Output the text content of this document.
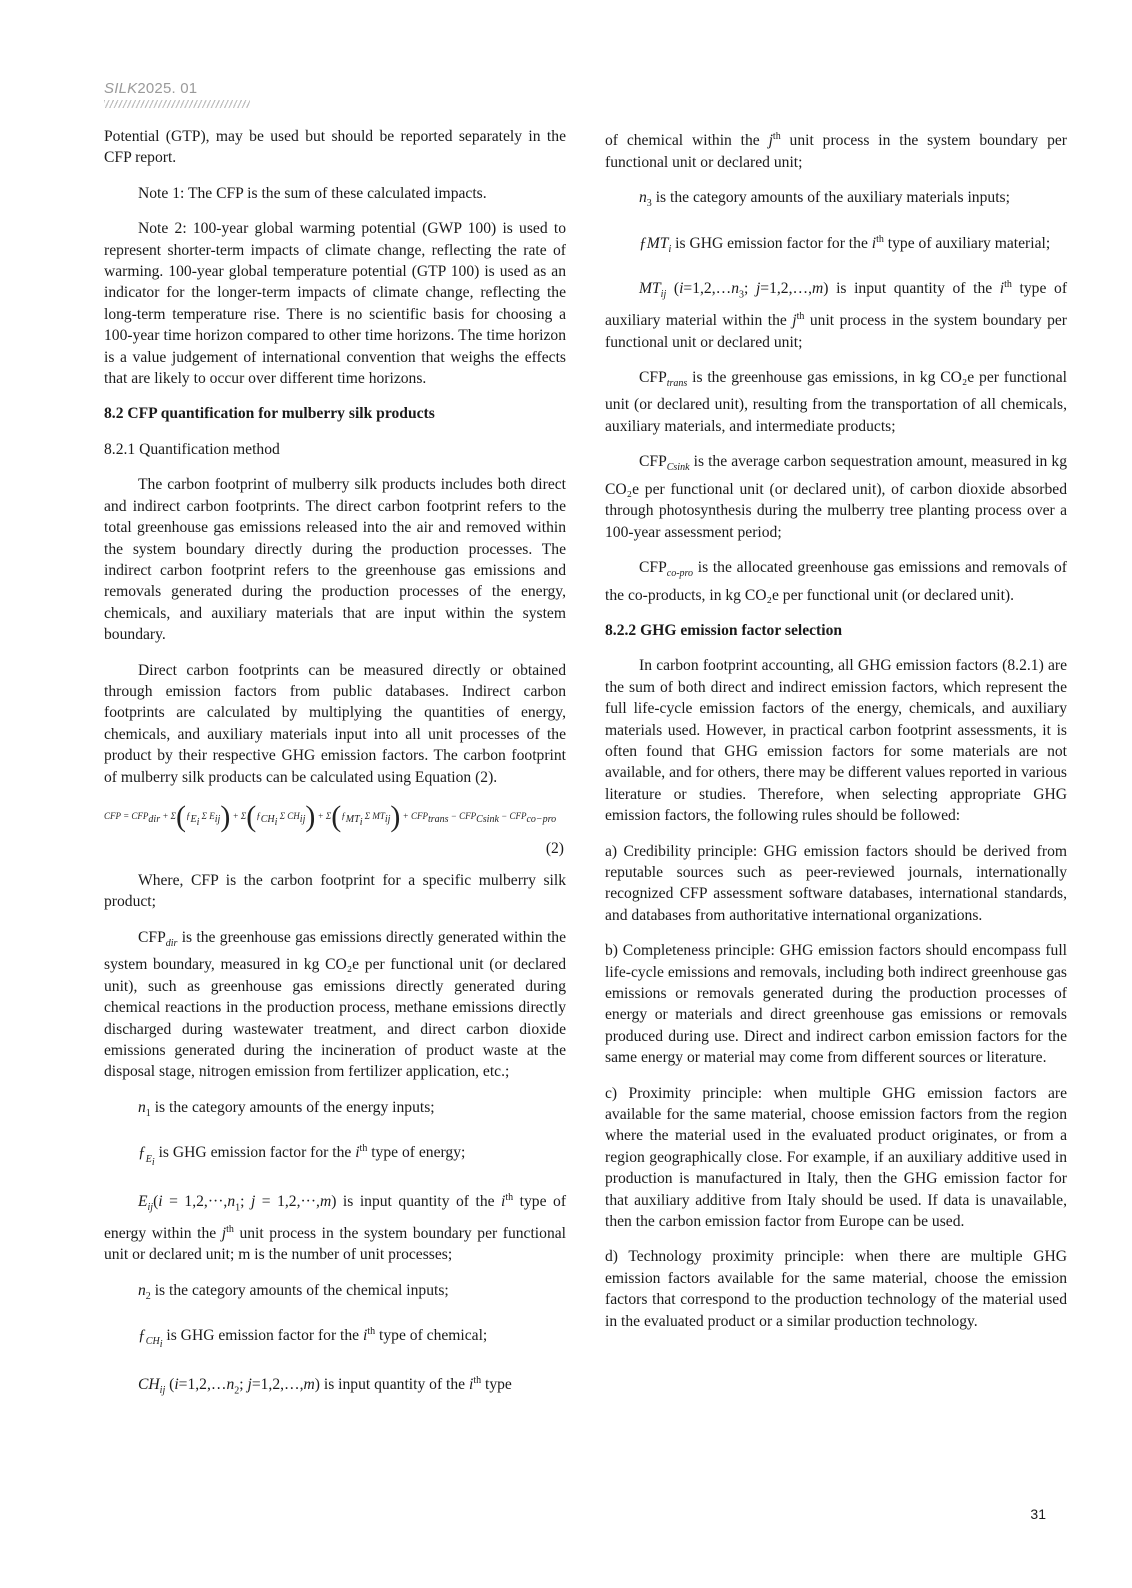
SILK2025. 01

Potential (GTP), may be used but should be reported separately in the CFP report.

Note 1: The CFP is the sum of these calculated impacts.

Note 2: 100-year global warming potential (GWP 100) is used to represent shorter-term impacts of climate change, reflecting the rate of warming. 100-year global temperature potential (GTP 100) is used as an indicator for the longer-term impacts of climate change, reflecting the long-term temperature rise. There is no scientific basis for choosing a 100-year time horizon compared to other time horizons. The time horizon is a value judgement of international convention that weighs the effects that are likely to occur over different time horizons.

8.2 CFP quantification for mulberry silk products
8.2.1 Quantification method

The carbon footprint of mulberry silk products includes both direct and indirect carbon footprints. The direct carbon footprint refers to the total greenhouse gas emissions released into the air and removed within the system boundary directly during the production processes. The indirect carbon footprint refers to the greenhouse gas emissions and removals generated during the production processes of the energy, chemicals, and auxiliary materials that are input within the system boundary.

Direct carbon footprints can be measured directly or obtained through emission factors from public databases. Indirect carbon footprints are calculated by multiplying the quantities of energy, chemicals, and auxiliary materials input into all unit processes of the product by their respective GHG emission factors. The carbon footprint of mulberry silk products can be calculated using Equation (2).

CFP = $CFP_{dir}$ + $\Sigma(ƒ_{E_i}$ Σ $E_{ij}$) + $\Sigma(ƒ_{CH_i}$ Σ $CH_{ij}$) + $\Sigma(ƒ_{MT_i}$ Σ $MT_{ij}) + CFP_{trans} - CFP_{Csink} - CFP_{co-pro}$
(2)

Where, CFP is the carbon footprint for a specific mulberry silk product;

$CFP_{dir}$ is the greenhouse gas emissions directly generated within the system boundary, measured in kg CO₂e per functional unit (or declared unit), such as greenhouse gas emissions directly generated during chemical reactions in the production process, methane emissions directly discharged during wastewater treatment, and direct carbon dioxide emissions generated during the incineration of product waste at the disposal stage, nitrogen emission from fertilizer application, etc.;

$n_1$ is the category amounts of the energy inputs;

$ƒ_{E_i}$ is GHG emission factor for the $i^{th}$ type of energy;

$E_{ij}(i = 1,2,\cdot\cdot\cdot,n_1$; j = 1,2,···,m) is input quantity of the $i^{th}$ type of energy within the $j^{th}$ unit process in the system boundary per functional unit or declared unit; m is the number of unit processes;

$n_2$ is the category amounts of the chemical inputs;

$ƒ_{CH_i}$ is GHG emission factor for the $i^{th}$ type of chemical;

$CH_{ij}$ ($i=1,2,\dots n_2$; j=1,2,…,m) is input quantity of the $i^{th}$ type

of chemical within the $j^{th}$ unit process in the system boundary per functional unit or declared unit;

$n_3$ is the category amounts of the auxiliary materials inputs;

ƒMT$_i$ is GHG emission factor for the $i^{th}$ type of auxiliary material;

$MT_{ij}$ ($i=1,2,\dots n_3$; j=1,2,…,m) is input quantity of the $i^{th}$ type of auxiliary material within the $j^{th}$ unit process in the system boundary per functional unit or declared unit;

$CFP_{trans}$ is the greenhouse gas emissions, in kg CO₂e per functional unit (or declared unit), resulting from the transportation of all chemicals, auxiliary materials, and intermediate products;

$CFP_{Csink}$ is the average carbon sequestration amount, measured in kg CO₂e per functional unit (or declared unit), of carbon dioxide absorbed through photosynthesis during the mulberry tree planting process over a 100-year assessment period;

$CFP_{co-pro}$ is the allocated greenhouse gas emissions and removals of the co-products, in kg CO₂e per functional unit (or declared unit).

8.2.2 GHG emission factor selection

In carbon footprint accounting, all GHG emission factors (8.2.1) are the sum of both direct and indirect emission factors, which represent the full life-cycle emission factors of the energy, chemicals, and auxiliary materials used. However, in practical carbon footprint assessments, it is often found that GHG emission factors for some materials are not available, and for others, there may be different values reported in various literature or studies. Therefore, when selecting appropriate GHG emission factors, the following rules should be followed:

a) Credibility principle: GHG emission factors should be derived from reputable sources such as peer-reviewed journals, internationally recognized CFP assessment software databases, international standards, and databases from authoritative international organizations.

b) Completeness principle: GHG emission factors should encompass full life-cycle emissions and removals, including both indirect greenhouse gas emissions or removals generated during the production processes of energy or materials and direct greenhouse gas emissions or removals produced during use. Direct and indirect carbon emission factors for the same energy or material may come from different sources or literature.

c) Proximity principle: when multiple GHG emission factors are available for the same material, choose emission factors from the region where the material used in the evaluated product originates, or from a region geographically close. For example, if an auxiliary additive used in production is manufactured in Italy, then the GHG emission factor for that auxiliary additive from Italy should be used. If data is unavailable, then the carbon emission factor from Europe can be used.

d) Technology proximity principle: when there are multiple GHG emission factors available for the same material, choose the emission factors that correspond to the production technology of the material used in the evaluated product or a similar production technology.

31
